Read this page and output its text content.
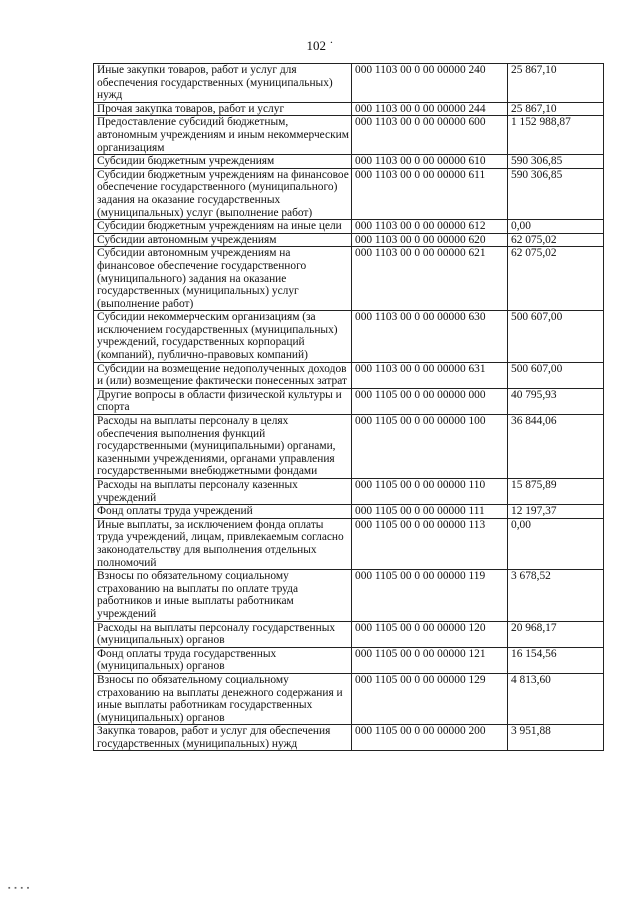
102 ˙
Иные закупки товаров, работ и услуг для обеспечения государственных (муниципальных) нужд	000 1103 00 0 00 00000 240	25 867,10
Прочая закупка товаров, работ и услуг	000 1103 00 0 00 00000 244	25 867,10
Предоставление субсидий бюджетным, автономным учреждениям и иным некоммерческим организациям	000 1103 00 0 00 00000 600	1 152 988,87
Субсидии бюджетным учреждениям	000 1103 00 0 00 00000 610	590 306,85
Субсидии бюджетным учреждениям на финансовое обеспечение государственного (муниципального) задания на оказание государственных (муниципальных) услуг (выполнение работ)	000 1103 00 0 00 00000 611	590 306,85
Субсидии бюджетным учреждениям на иные цели	000 1103 00 0 00 00000 612	0,00
Субсидии автономным учреждениям	000 1103 00 0 00 00000 620	62 075,02
Субсидии автономным учреждениям на финансовое обеспечение государственного (муниципального) задания на оказание государственных (муниципальных) услуг (выполнение работ)	000 1103 00 0 00 00000 621	62 075,02
Субсидии некоммерческим организациям (за исключением государственных (муниципальных) учреждений, государственных корпораций (компаний), публично-правовых компаний)	000 1103 00 0 00 00000 630	500 607,00
Субсидии на возмещение недополученных доходов и (или) возмещение фактически понесенных затрат	000 1103 00 0 00 00000 631	500 607,00
Другие вопросы в области физической культуры и спорта	000 1105 00 0 00 00000 000	40 795,93
Расходы на выплаты персоналу в целях обеспечения выполнения функций государственными (муниципальными) органами, казенными учреждениями, органами управления государственными внебюджетными фондами	000 1105 00 0 00 00000 100	36 844,06
Расходы на выплаты персоналу казенных учреждений	000 1105 00 0 00 00000 110	15 875,89
Фонд оплаты труда учреждений	000 1105 00 0 00 00000 111	12 197,37
Иные выплаты, за исключением фонда оплаты труда учреждений, лицам, привлекаемым согласно законодательству для выполнения отдельных полномочий	000 1105 00 0 00 00000 113	0,00
Взносы по обязательному социальному страхованию на выплаты по оплате труда работников и иные выплаты работникам учреждений	000 1105 00 0 00 00000 119	3 678,52
Расходы на выплаты персоналу государственных (муниципальных) органов	000 1105 00 0 00 00000 120	20 968,17
Фонд оплаты труда государственных (муниципальных) органов	000 1105 00 0 00 00000 121	16 154,56
Взносы по обязательному социальному страхованию на выплаты денежного содержания и иные выплаты работникам государственных (муниципальных) органов	000 1105 00 0 00 00000 129	4 813,60
Закупка товаров, работ и услуг для обеспечения государственных (муниципальных) нужд	000 1105 00 0 00 00000 200	3 951,88
▪ ▪ ▪ ▪
